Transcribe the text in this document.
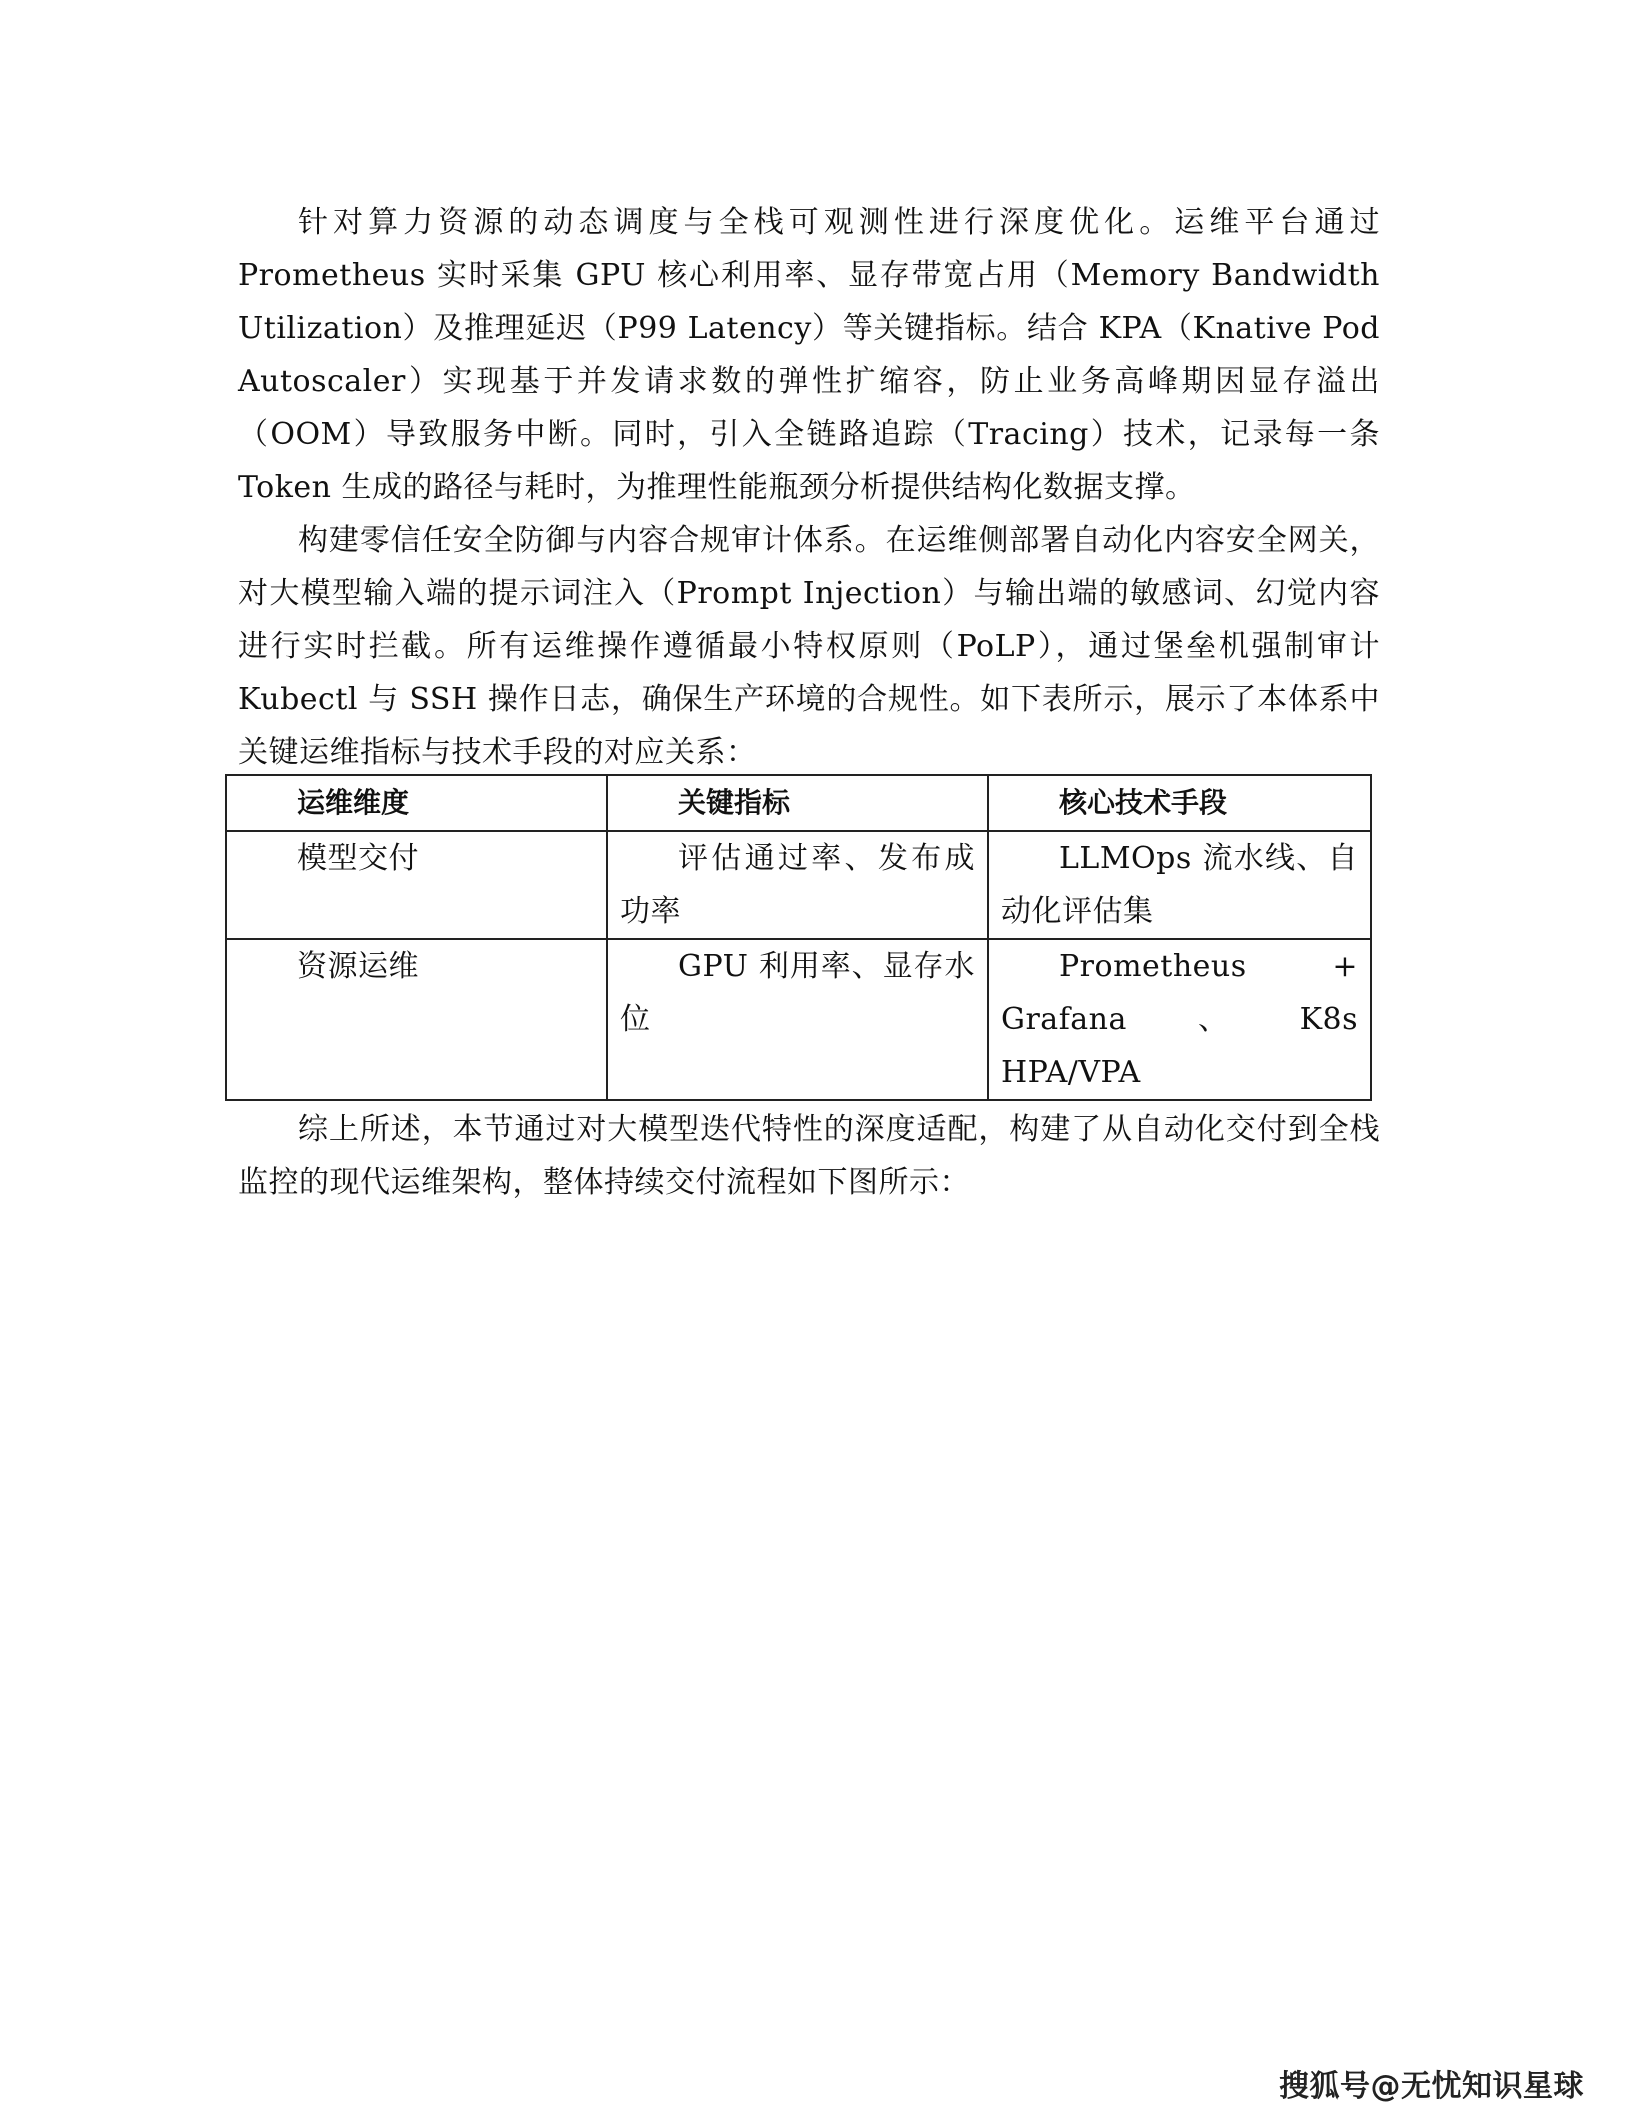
针对算力资源的动态调度与全栈可观测性进行深度优化。运维平台通过 Prometheus 实时采集 GPU 核心利用率、显存带宽占用（Memory Bandwidth Utilization）及推理延迟（P99 Latency）等关键指标。结合 KPA（Knative Pod Autoscaler）实现基于并发请求数的弹性扩缩容，防止业务高峰期因显存溢出（OOM）导致服务中断。同时，引入全链路追踪（Tracing）技术，记录每一条 Token 生成的路径与耗时，为推理性能瓶颈分析提供结构化数据支撑。

构建零信任安全防御与内容合规审计体系。在运维侧部署自动化内容安全网关，对大模型输入端的提示词注入（Prompt Injection）与输出端的敏感词、幻觉内容进行实时拦截。所有运维操作遵循最小特权原则（PoLP），通过堡垒机强制审计 Kubectl 与 SSH 操作日志，确保生产环境的合规性。如下表所示，展示了本体系中关键运维指标与技术手段的对应关系：

运维维度	关键指标	核心技术手段
模型交付	评估通过率、发布成功率	LLMOps 流水线、自动化评估集
资源运维	GPU 利用率、显存水位	Prometheus + Grafana、K8s HPA/VPA

综上所述，本节通过对大模型迭代特性的深度适配，构建了从自动化交付到全栈监控的现代运维架构，整体持续交付流程如下图所示：

搜狐号@无忧知识星球
